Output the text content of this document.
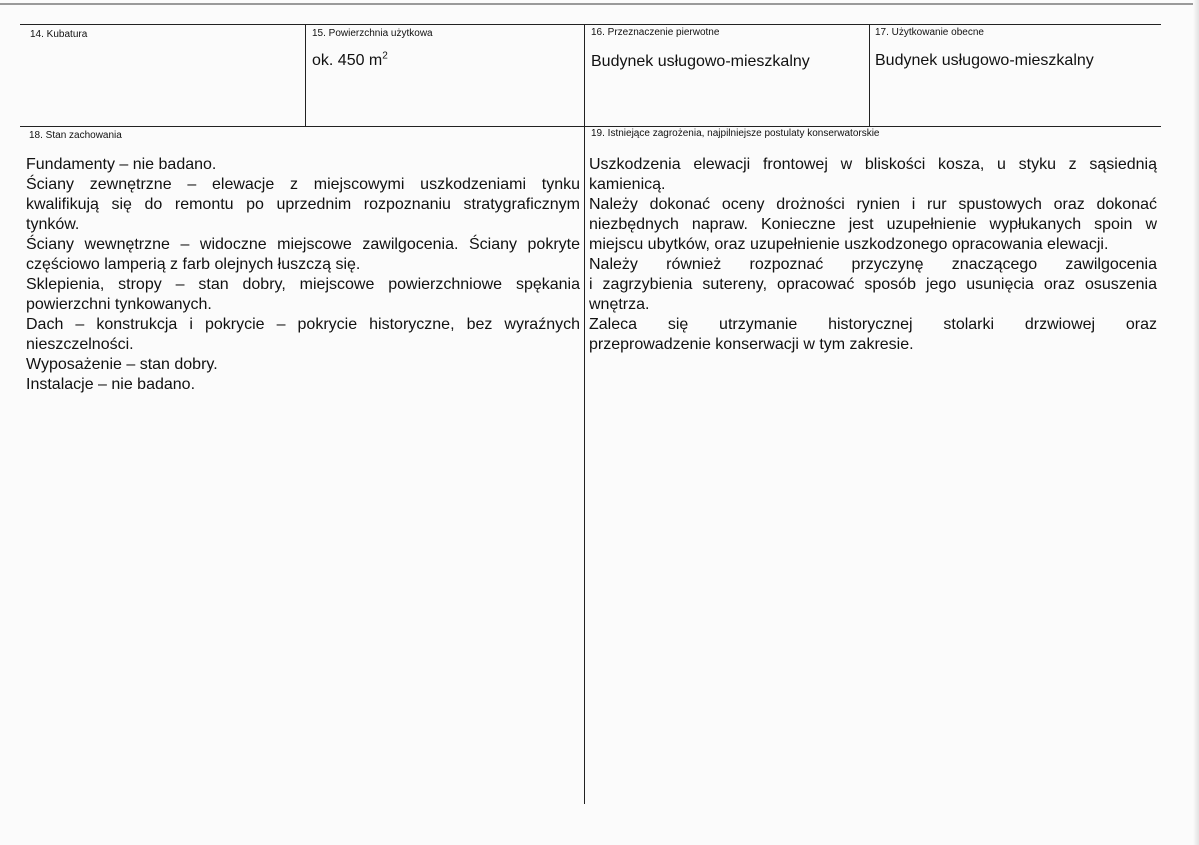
14. Kubatura	15. Powierzchnia użytkowa
ok. 450 $m^2$
16. Przeznaczenie pierwotne
Budynek usługowo-mieszkalny
17. Użytkowanie obecne
Budynek usługowo-mieszkalny
18. Stan zachowania	19. Istniejące zagrożenia, najpilniejsze postulaty konserwatorskie
Fundamenty – nie badano.
Ściany zewnętrzne – elewacje z miejscowymi uszkodzeniami tynku
kwalifikują się do remontu po uprzednim rozpoznaniu stratygraficznym
tynków.
Ściany wewnętrzne – widoczne miejscowe zawilgocenia. Ściany pokryte
częściowo lamperią z farb olejnych łuszczą się.
Sklepienia, stropy – stan dobry, miejscowe powierzchniowe spękania
powierzchni tynkowanych.
Dach – konstrukcja i pokrycie – pokrycie historyczne, bez wyraźnych
nieszczelności.
Wyposażenie – stan dobry.
Instalacje – nie badano.
Uszkodzenia elewacji frontowej w bliskości kosza, u styku z sąsiednią
kamienicą.
Należy dokonać oceny drożności rynien i rur spustowych oraz dokonać
niezbędnych napraw. Konieczne jest uzupełnienie wypłukanych spoin w
miejscu ubytków, oraz uzupełnienie uszkodzonego opracowania elewacji.
Należy również rozpoznać przyczynę znaczącego zawilgocenia
i zagrzybienia sutereny, opracować sposób jego usunięcia oraz osuszenia
wnętrza.
Zaleca się utrzymanie historycznej stolarki drzwiowej oraz
przeprowadzenie konserwacji w tym zakresie.
